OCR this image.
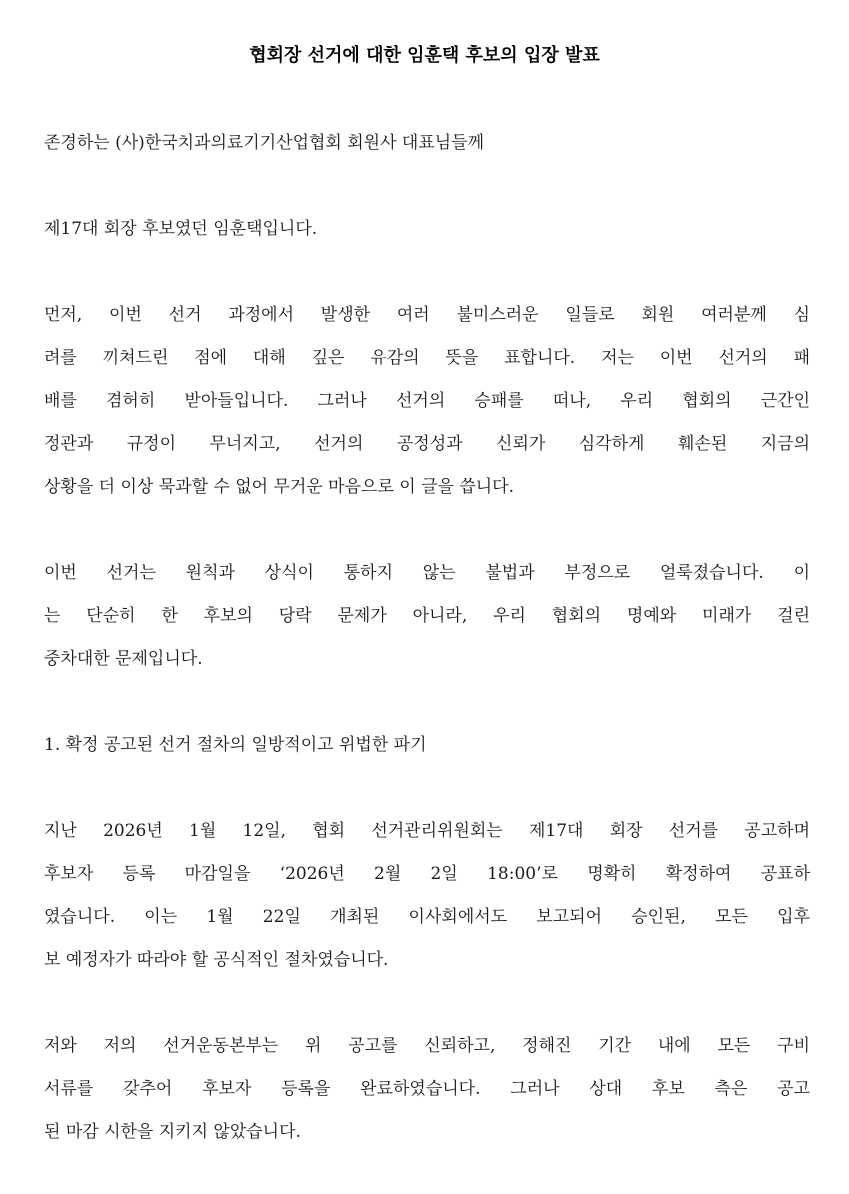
협회장 선거에 대한 임훈택 후보의 입장 발표
존경하는 (사)한국치과의료기기산업협회 회원사 대표님들께
제17대 회장 후보였던 임훈택입니다.
먼저, 이번 선거 과정에서 발생한 여러 불미스러운 일들로 회원 여러분께 심
려를 끼쳐드린 점에 대해 깊은 유감의 뜻을 표합니다. 저는 이번 선거의 패
배를 겸허히 받아들입니다. 그러나 선거의 승패를 떠나, 우리 협회의 근간인
정관과 규정이 무너지고, 선거의 공정성과 신뢰가 심각하게 훼손된 지금의
상황을 더 이상 묵과할 수 없어 무거운 마음으로 이 글을 씁니다.
이번 선거는 원칙과 상식이 통하지 않는 불법과 부정으로 얼룩졌습니다. 이
는 단순히 한 후보의 당락 문제가 아니라, 우리 협회의 명예와 미래가 걸린
중차대한 문제입니다.
1. 확정 공고된 선거 절차의 일방적이고 위법한 파기
지난 2026년 1월 12일, 협회 선거관리위원회는 제17대 회장 선거를 공고하며
후보자 등록 마감일을 ‘2026년 2월 2일 18:00’로 명확히 확정하여 공표하
였습니다. 이는 1월 22일 개최된 이사회에서도 보고되어 승인된, 모든 입후
보 예정자가 따라야 할 공식적인 절차였습니다.
저와 저의 선거운동본부는 위 공고를 신뢰하고, 정해진 기간 내에 모든 구비
서류를 갖추어 후보자 등록을 완료하였습니다. 그러나 상대 후보 측은 공고
된 마감 시한을 지키지 않았습니다.
